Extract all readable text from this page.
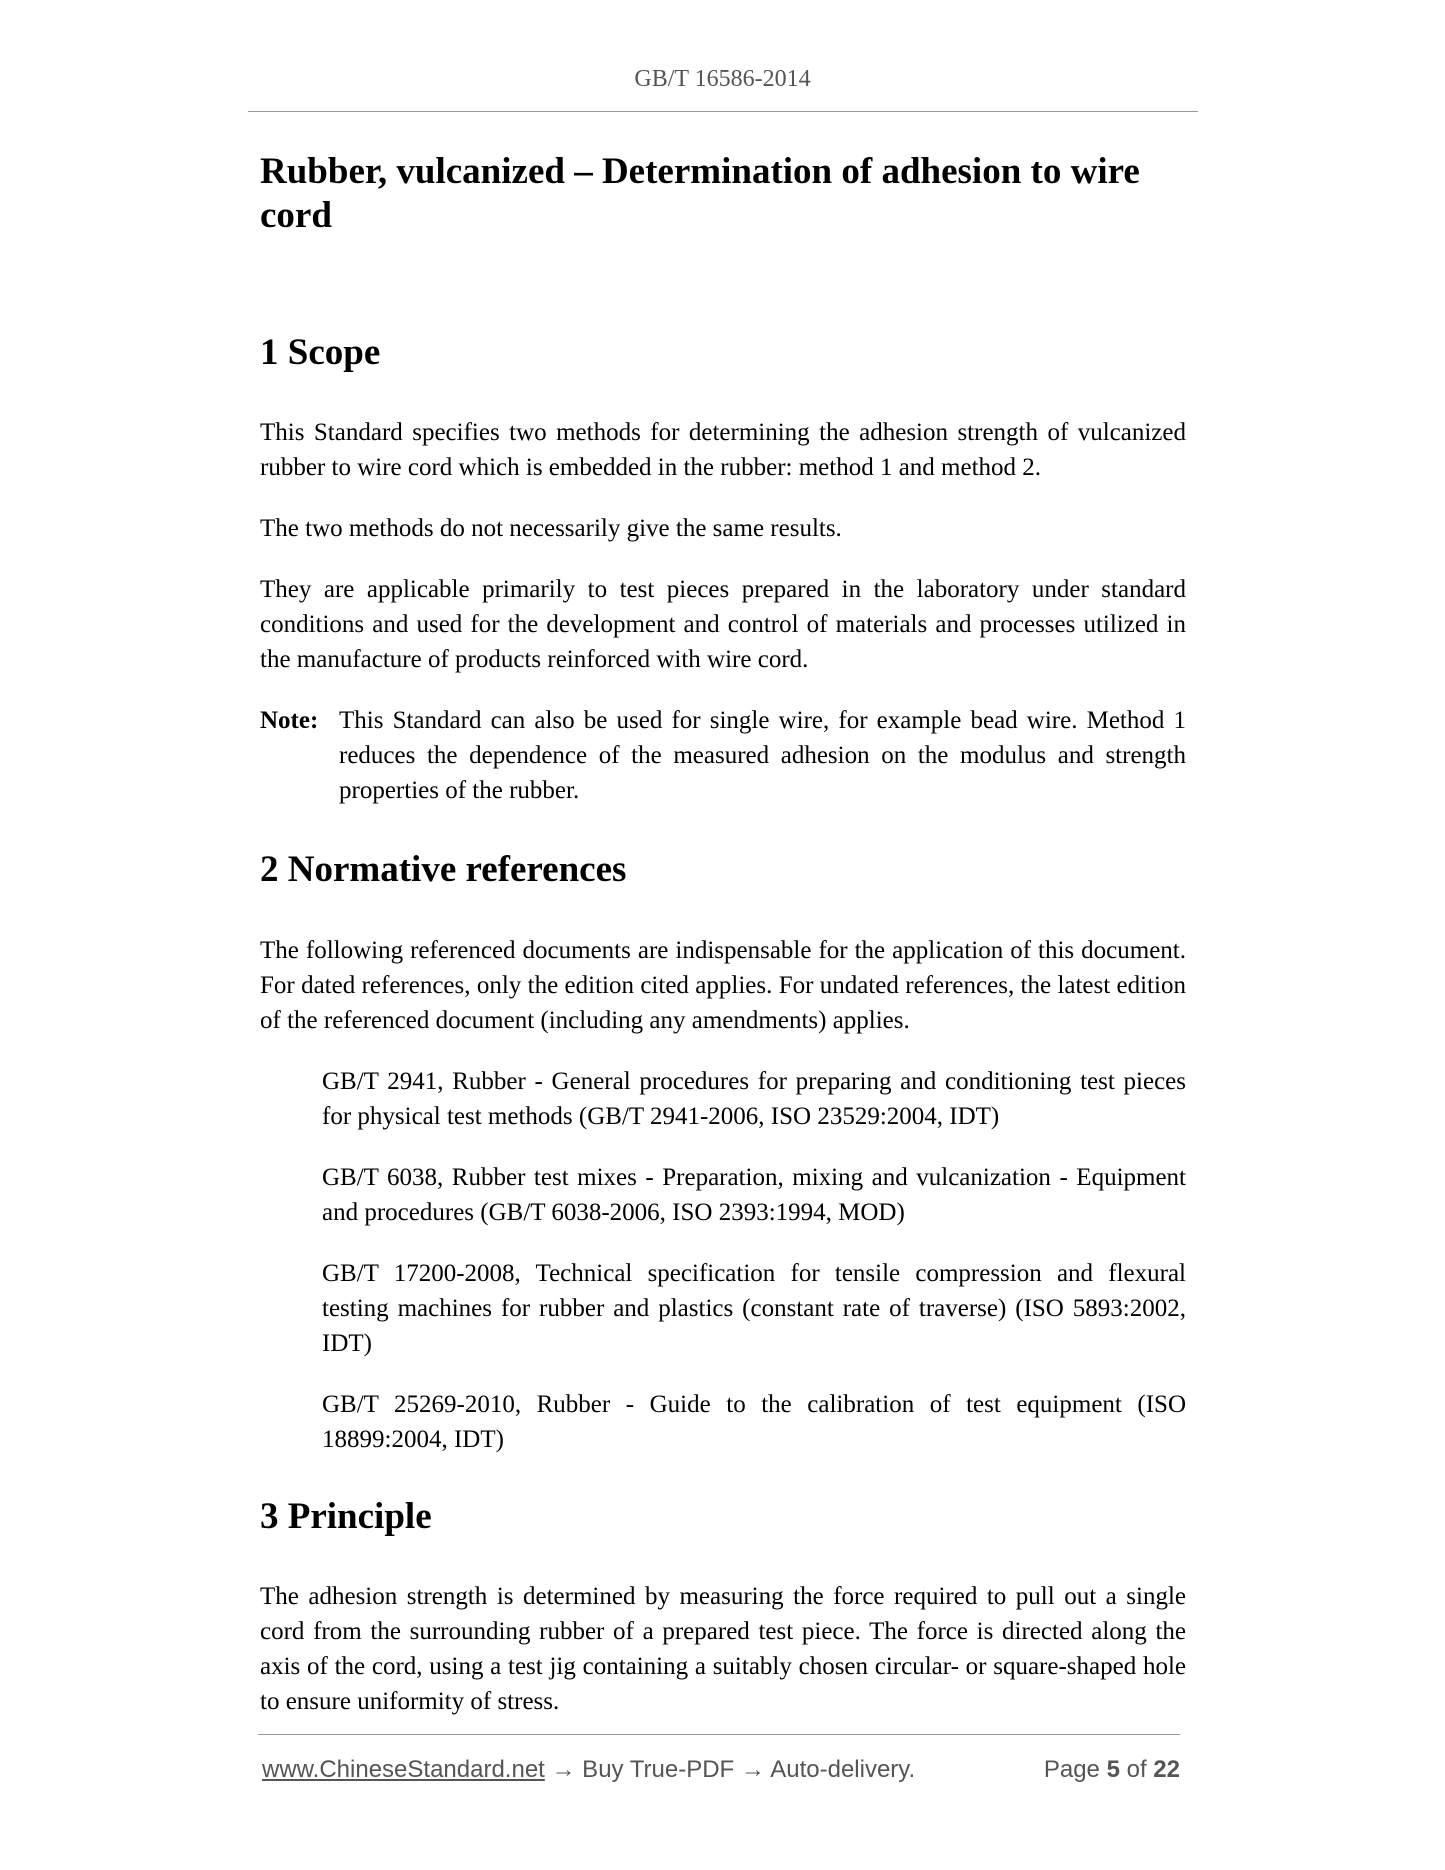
GB/T 16586-2014
Rubber, vulcanized – Determination of adhesion to wire cord
1 Scope

This Standard specifies two methods for determining the adhesion strength of vulcanized rubber to wire cord which is embedded in the rubber: method 1 and method 2.

The two methods do not necessarily give the same results.

They are applicable primarily to test pieces prepared in the laboratory under standard conditions and used for the development and control of materials and processes utilized in the manufacture of products reinforced with wire cord.

Note: This Standard can also be used for single wire, for example bead wire. Method 1 reduces the dependence of the measured adhesion on the modulus and strength properties of the rubber.
2 Normative references

The following referenced documents are indispensable for the application of this document. For dated references, only the edition cited applies. For undated references, the latest edition of the referenced document (including any amendments) applies.

GB/T 2941, Rubber - General procedures for preparing and conditioning test pieces for physical test methods (GB/T 2941-2006, ISO 23529:2004, IDT)
GB/T 6038, Rubber test mixes - Preparation, mixing and vulcanization - Equipment and procedures (GB/T 6038-2006, ISO 2393:1994, MOD)
GB/T 17200-2008, Technical specification for tensile compression and flexural testing machines for rubber and plastics (constant rate of traverse) (ISO 5893:2002, IDT)
GB/T 25269-2010, Rubber - Guide to the calibration of test equipment (ISO 18899:2004, IDT)
3 Principle

The adhesion strength is determined by measuring the force required to pull out a single cord from the surrounding rubber of a prepared test piece. The force is directed along the axis of the cord, using a test jig containing a suitably chosen circular- or square-shaped hole to ensure uniformity of stress.

www.ChineseStandard.net → Buy True-PDF → Auto-delivery.	Page 5 of 22
